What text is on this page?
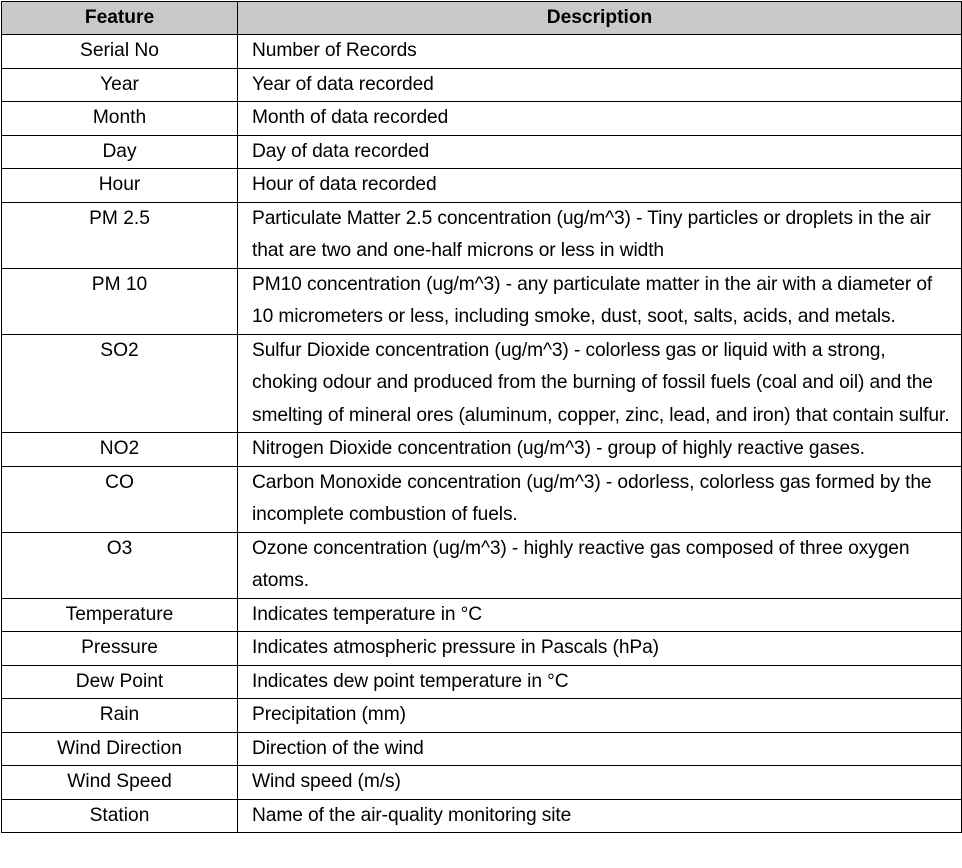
Feature	Description
Serial No	Number of Records
Year	Year of data recorded
Month	Month of data recorded
Day	Day of data recorded
Hour	Hour of data recorded
PM 2.5	Particulate Matter 2.5 concentration (ug/m^3) - Tiny particles or droplets in the air that are two and one-half microns or less in width
PM 10	PM10 concentration (ug/m^3) - any particulate matter in the air with a diameter of 10 micrometers or less, including smoke, dust, soot, salts, acids, and metals.
SO2	Sulfur Dioxide concentration (ug/m^3) - colorless gas or liquid with a strong, choking odour and produced from the burning of fossil fuels (coal and oil) and the smelting of mineral ores (aluminum, copper, zinc, lead, and iron) that contain sulfur.
NO2	Nitrogen Dioxide concentration (ug/m^3) - group of highly reactive gases.
CO	Carbon Monoxide concentration (ug/m^3) - odorless, colorless gas formed by the incomplete combustion of fuels.
O3	Ozone concentration (ug/m^3) - highly reactive gas composed of three oxygen atoms.
Temperature	Indicates temperature in °C
Pressure	Indicates atmospheric pressure in Pascals (hPa)
Dew Point	Indicates dew point temperature in °C
Rain	Precipitation (mm)
Wind Direction	Direction of the wind
Wind Speed	Wind speed (m/s)
Station	Name of the air-quality monitoring site
